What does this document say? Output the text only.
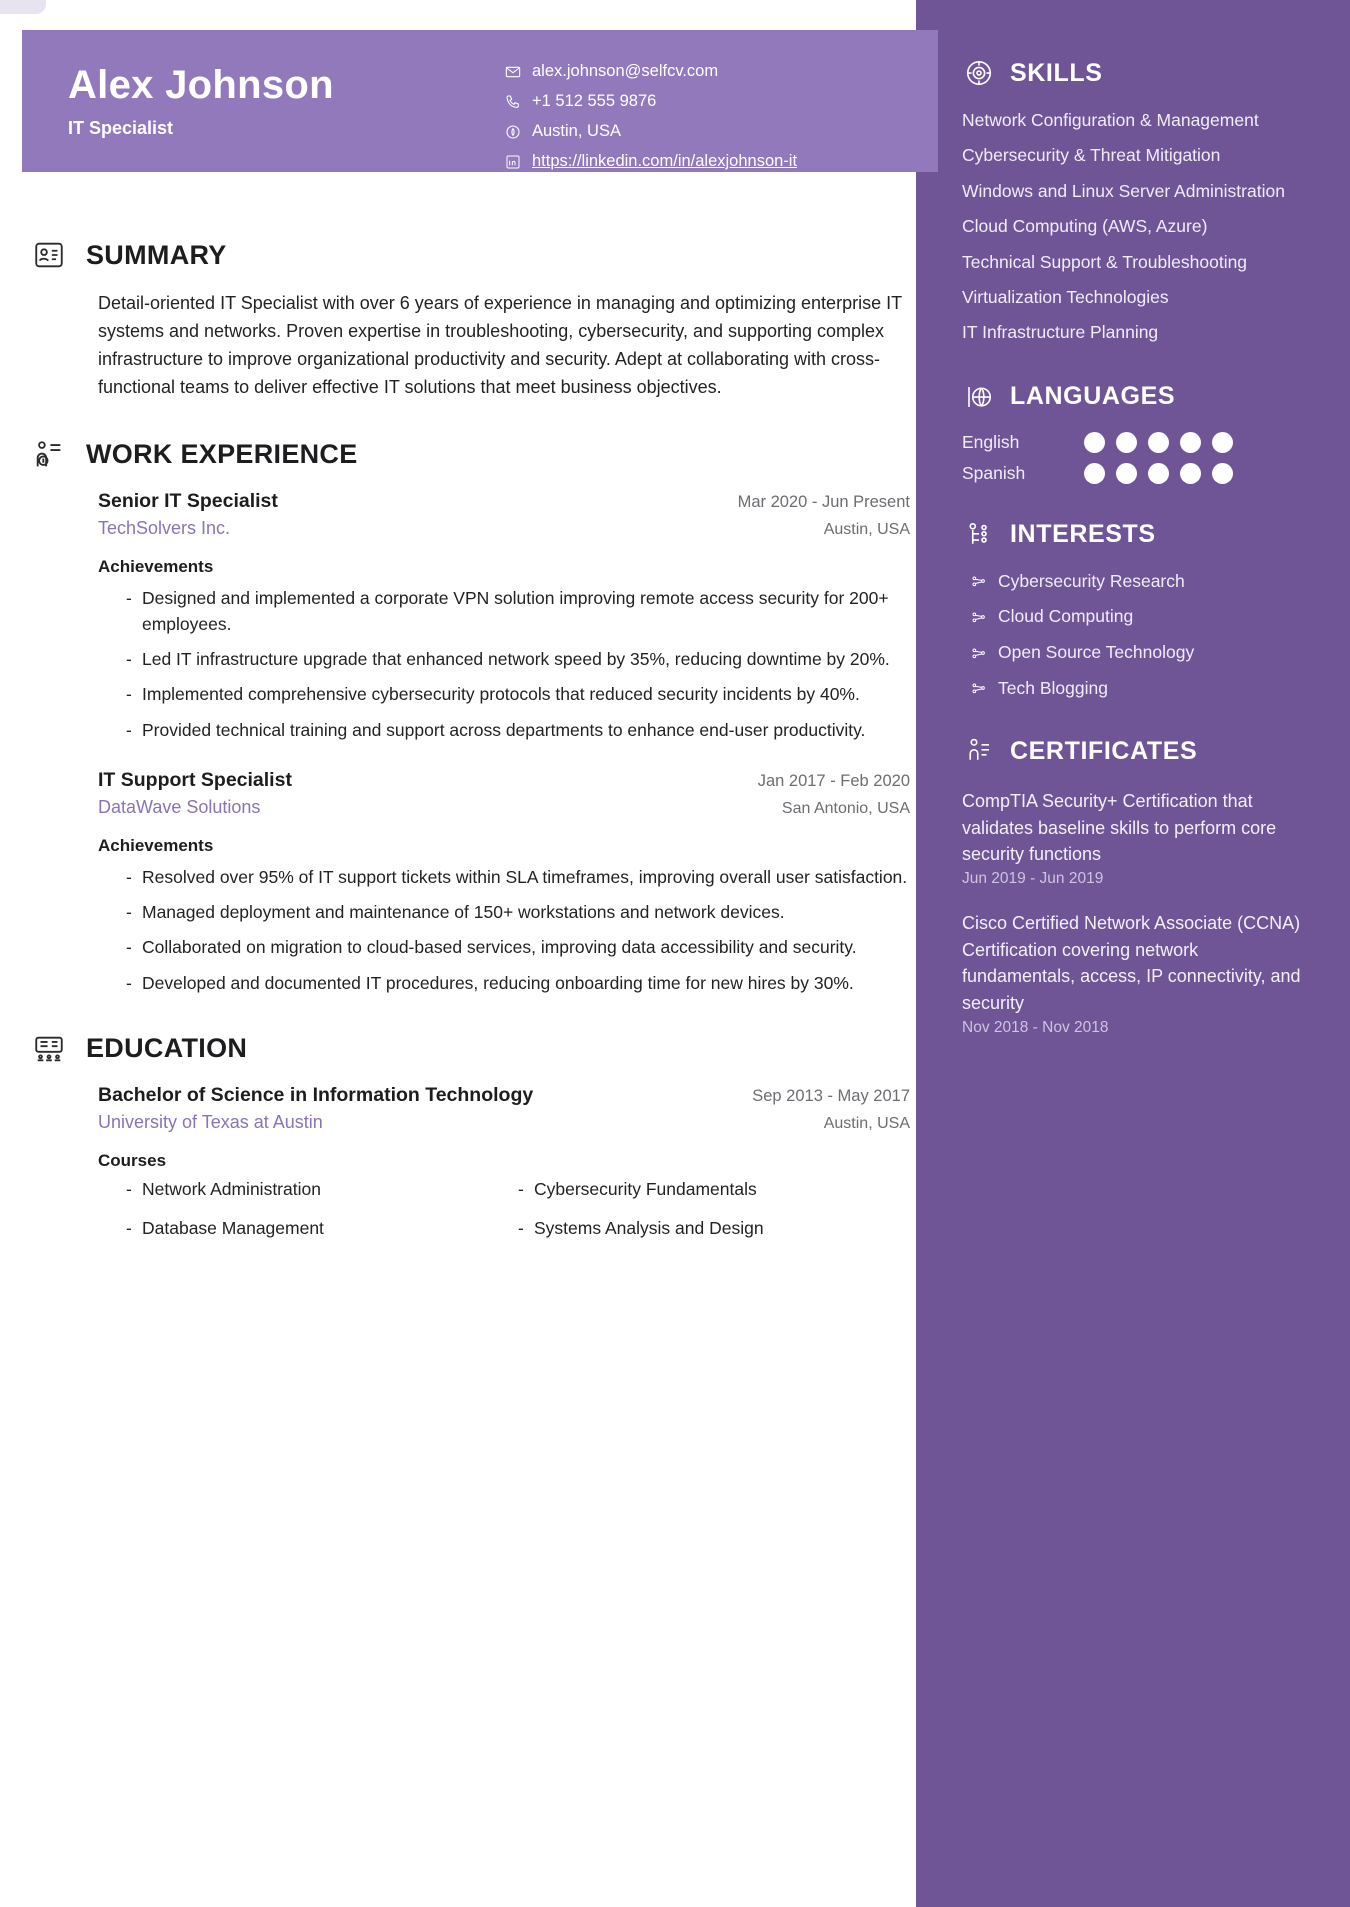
SKILLS
Network Configuration & Management
Cybersecurity & Threat Mitigation
Windows and Linux Server Administration
Cloud Computing (AWS, Azure)
Technical Support & Troubleshooting
Virtualization Technologies
IT Infrastructure Planning
LANGUAGES
English
Spanish
INTERESTS
Cybersecurity Research
Cloud Computing
Open Source Technology
Tech Blogging
CERTIFICATES
CompTIA Security+ Certification that validates baseline skills to perform core security functions
Jun 2019 - Jun 2019
Cisco Certified Network Associate (CCNA) Certification covering network fundamentals, access, IP connectivity, and security
Nov 2018 - Nov 2018
Alex Johnson
IT Specialist
alex.johnson@selfcv.com
+1 512 555 9876
Austin, USA
https://linkedin.com/in/alexjohnson-it
SUMMARY

Detail-oriented IT Specialist with over 6 years of experience in managing and optimizing enterprise IT systems and networks. Proven expertise in troubleshooting, cybersecurity, and supporting complex infrastructure to improve organizational productivity and security. Adept at collaborating with cross-functional teams to deliver effective IT solutions that meet business objectives.

WORK EXPERIENCE
Senior IT Specialist	Mar 2020 - Jun Present
TechSolvers Inc.	Austin, USA
Achievements
- Designed and implemented a corporate VPN solution improving remote access security for 200+ employees.
- Led IT infrastructure upgrade that enhanced network speed by 35%, reducing downtime by 20%.
- Implemented comprehensive cybersecurity protocols that reduced security incidents by 40%.
- Provided technical training and support across departments to enhance end-user productivity.
IT Support Specialist	Jan 2017 - Feb 2020
DataWave Solutions	San Antonio, USA
Achievements
- Resolved over 95% of IT support tickets within SLA timeframes, improving overall user satisfaction.
- Managed deployment and maintenance of 150+ workstations and network devices.
- Collaborated on migration to cloud-based services, improving data accessibility and security.
- Developed and documented IT procedures, reducing onboarding time for new hires by 30%.
EDUCATION
Bachelor of Science in Information Technology	Sep 2013 - May 2017
University of Texas at Austin	Austin, USA
Courses
- Network Administration	- Cybersecurity Fundamentals
- Database Management	- Systems Analysis and Design
